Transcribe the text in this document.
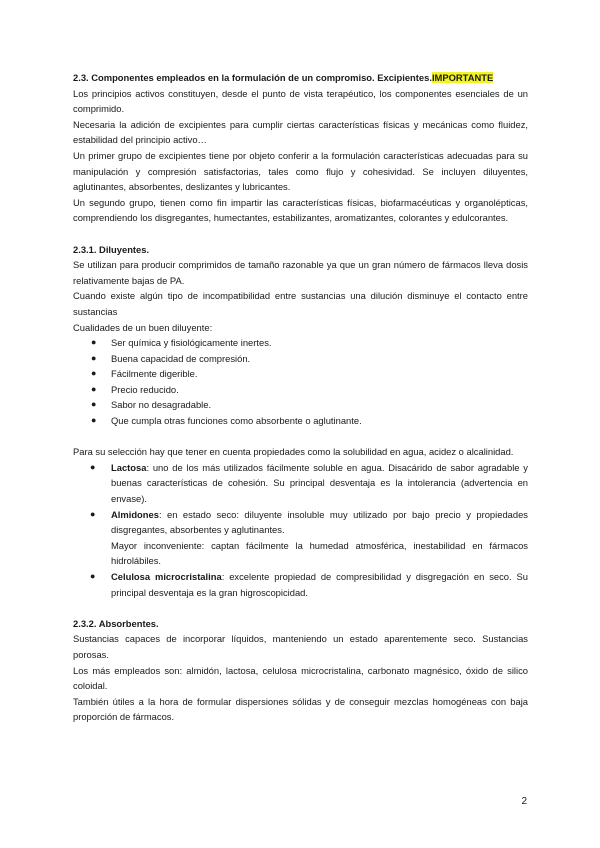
2.3. Componentes empleados en la formulación de un compromiso. Excipientes.IMPORTANTE

Los principios activos constituyen, desde el punto de vista terapéutico, los componentes esenciales de un comprimido.

Necesaria la adición de excipientes para cumplir ciertas características físicas y mecánicas como fluidez, estabilidad del principio activo…

Un primer grupo de excipientes tiene por objeto conferir a la formulación características adecuadas para su manipulación y compresión satisfactorias, tales como flujo y cohesividad. Se incluyen diluyentes, aglutinantes, absorbentes, deslizantes y lubricantes.

Un segundo grupo, tienen como fin impartir las características físicas, biofarmacéuticas y organolépticas, comprendiendo los disgregantes, humectantes, estabilizantes, aromatizantes, colorantes y edulcorantes.

2.3.1. Diluyentes.

Se utilizan para producir comprimidos de tamaño razonable ya que un gran número de fármacos lleva dosis relativamente bajas de PA.

Cuando existe algún tipo de incompatibilidad entre sustancias una dilución disminuye el contacto entre sustancias

Cualidades de un buen diluyente:

● Ser química y fisiológicamente inertes.
● Buena capacidad de compresión.
● Fácilmente digerible.
● Precio reducido.
● Sabor no desagradable.
● Que cumpla otras funciones como absorbente o aglutinante.

Para su selección hay que tener en cuenta propiedades como la solubilidad en agua, acidez o alcalinidad.

● Lactosa: uno de los más utilizados fácilmente soluble en agua. Disacárido de sabor agradable y buenas características de cohesión. Su principal desventaja es la intolerancia (advertencia en envase).
● Almidones: en estado seco: diluyente insoluble muy utilizado por bajo precio y propiedades disgregantes, absorbentes y aglutinantes.
Mayor inconveniente: captan fácilmente la humedad atmosférica, inestabilidad en fármacos hidrolábiles.
● Celulosa microcristalina: excelente propiedad de compresibilidad y disgregación en seco. Su principal desventaja es la gran higroscopicidad.

2.3.2. Absorbentes.

Sustancias capaces de incorporar líquidos, manteniendo un estado aparentemente seco. Sustancias porosas.

Los más empleados son: almidón, lactosa, celulosa microcristalina, carbonato magnésico, óxido de silico coloidal.

También útiles a la hora de formular dispersiones sólidas y de conseguir mezclas homogéneas con baja proporción de fármacos.

2
